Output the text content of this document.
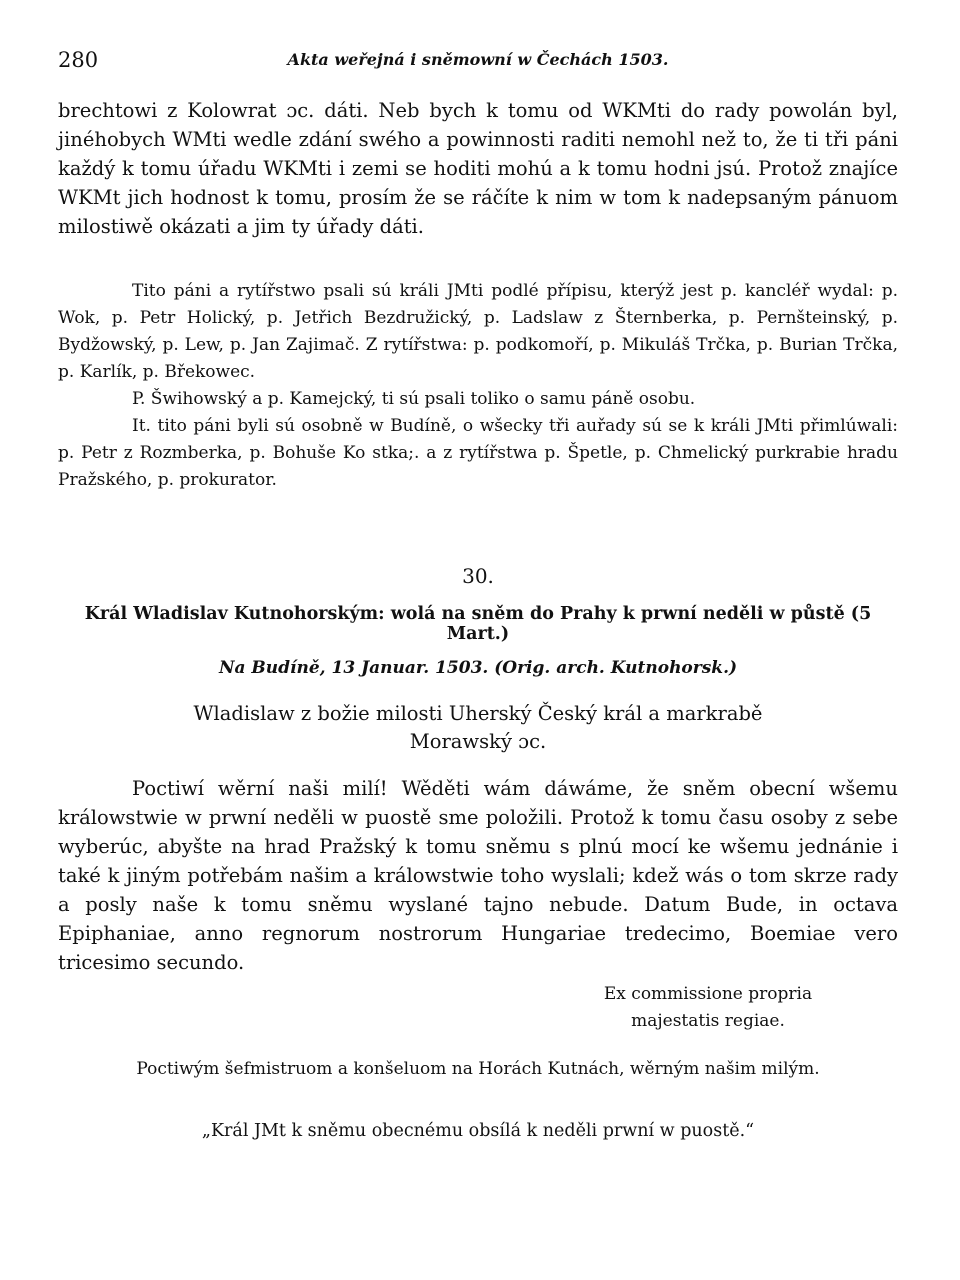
280	Akta weřejná i sněmowní w Čechách 1503.

brechtowi z Kolowrat ɔc. dáti. Neb bych k tomu od WKMti do rady powolán byl, jinéhobych WMti wedle zdání swého a powinnosti raditi nemohl než to, že ti tři páni každý k tomu úřadu WKMti i zemi se hoditi mohú a k tomu hodni jsú. Protož znajíce WKMt jich hodnost k tomu, prosím že se ráčíte k nim w tom k nadepsaným pánuom milostiwě okázati a jim ty úřady dáti.

Tito páni a rytířstwo psali sú králi JMti podlé přípisu, kterýž jest p. kancléř wydal: p. Wok, p. Petr Holický, p. Jetřich Bezdružický, p. Ladslaw z Šternberka, p. Pernšteinský, p. Bydžowský, p. Lew, p. Jan Zajimač. Z rytířstwa: p. podkomoří, p. Mikuláš Trčka, p. Burian Trčka, p. Karlík, p. Břekowec.

P. Šwihowský a p. Kamejcký, ti sú psali toliko o samu páně osobu.

It. tito páni byli sú osobně w Budíně, o wšecky tři auřady sú se k králi JMti přimlúwali: p. Petr z Rozmberka, p. Bohuše Ko stka;. a z rytířstwa p. Špetle, p. Chmelický purkrabie hradu Pražského, p. prokurator.

30.

Král Wladislav Kutnohorským: wolá na sněm do Prahy k prwní neděli w půstě (5 Mart.)

Na Budíně, 13 Januar. 1503. (Orig. arch. Kutnohorsk.)

Wladislaw z božie milosti Uherský Český král a markrabě

Morawský ɔc.

Poctiwí wěrní naši milí! Wěděti wám dáwáme, že sněm obecní wšemu králowstwie w prwní neděli w puostě sme položili. Protož k tomu času osoby z sebe wyberúc, abyšte na hrad Pražský k tomu sněmu s plnú mocí ke wšemu jednánie i také k jiným potřebám našim a králowstwie toho wyslali; kdež wás o tom skrze rady a posly naše k tomu sněmu wyslané tajno nebude. Datum Bude, in octava Epiphaniae, anno regnorum nostrorum Hungariae tredecimo, Boemiae vero tricesimo secundo.

Ex commissione propria

majestatis regiae.

Poctiwým šefmistruom a konšeluom na Horách Kutnách, wěrným našim milým.

„Král JMt k sněmu obecnému obsílá k neděli prwní w puostě.“
